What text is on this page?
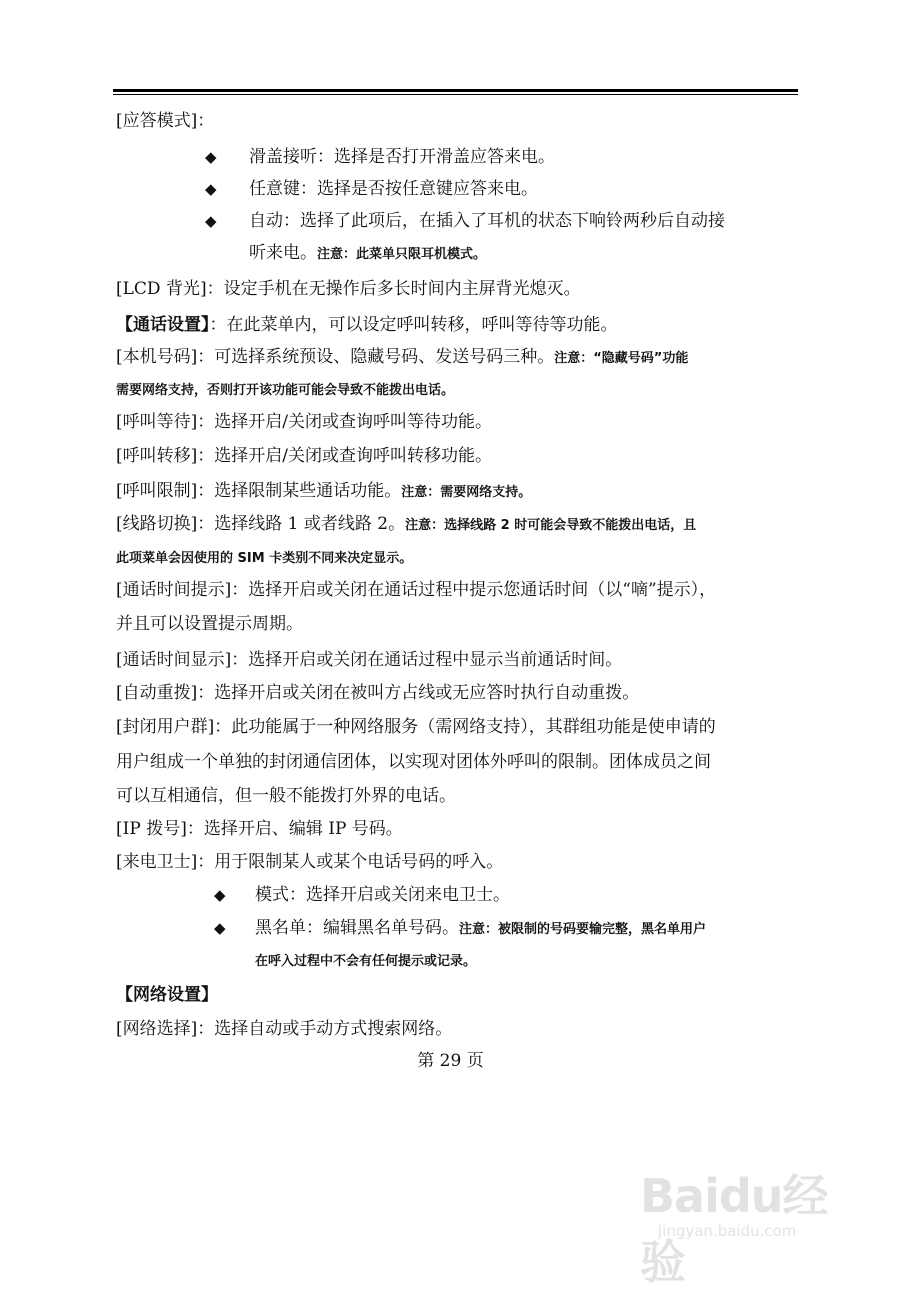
[应答模式]：
◆ 滑盖接听：选择是否打开滑盖应答来电。
◆ 任意键：选择是否按任意键应答来电。
◆ 自动：选择了此项后，在插入了耳机的状态下响铃两秒后自动接
听来电。注意：此菜单只限耳机模式。
[LCD 背光]：设定手机在无操作后多长时间内主屏背光熄灭。
【通话设置】：在此菜单内，可以设定呼叫转移，呼叫等待等功能。
[本机号码]：可选择系统预设、隐藏号码、发送号码三种。注意：“隐藏号码”功能
需要网络支持，否则打开该功能可能会导致不能拨出电话。
[呼叫等待]：选择开启/关闭或查询呼叫等待功能。
[呼叫转移]：选择开启/关闭或查询呼叫转移功能。
[呼叫限制]：选择限制某些通话功能。注意：需要网络支持。
[线路切换]：选择线路 1 或者线路 2。注意：选择线路 2 时可能会导致不能拨出电话，且
此项菜单会因使用的 SIM 卡类别不同来决定显示。
[通话时间提示]：选择开启或关闭在通话过程中提示您通话时间（以“嘀”提示），
并且可以设置提示周期。
[通话时间显示]：选择开启或关闭在通话过程中显示当前通话时间。
[自动重拨]：选择开启或关闭在被叫方占线或无应答时执行自动重拨。
[封闭用户群]：此功能属于一种网络服务（需网络支持），其群组功能是使申请的
用户组成一个单独的封闭通信团体，以实现对团体外呼叫的限制。团体成员之间
可以互相通信，但一般不能拨打外界的电话。
[IP 拨号]：选择开启、编辑 IP 号码。
[来电卫士]：用于限制某人或某个电话号码的呼入。
◆ 模式：选择开启或关闭来电卫士。
◆ 黑名单：编辑黑名单号码。注意：被限制的号码要输完整，黑名单用户
在呼入过程中不会有任何提示或记录。
【网络设置】
[网络选择]：选择自动或手动方式搜索网络。
第 29 页
Baidu经验
jingyan.baidu.com
